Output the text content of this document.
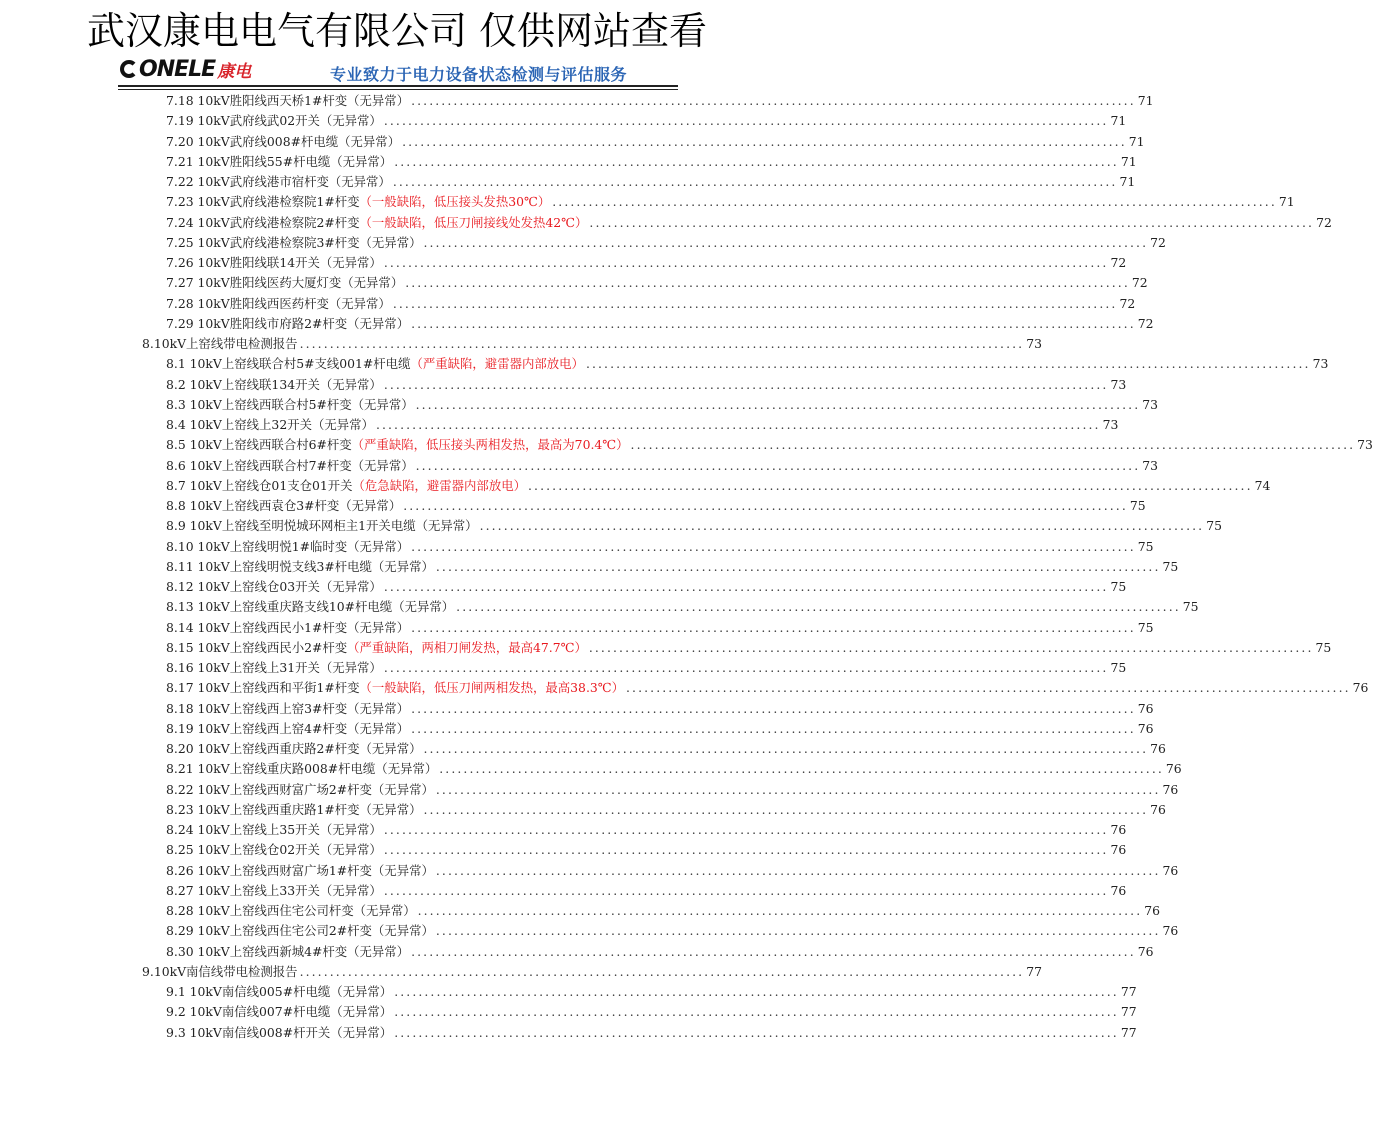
武汉康电电气有限公司 仅供网站查看
ONELE 康电	专业致力于电力设备状态检测与评估服务
7.18 10kV胜阳线西天桥1#杆变（无异常） ........................................................................................................................ 71
7.19 10kV武府线武02开关（无异常） ........................................................................................................................ 71
7.20 10kV武府线008#杆电缆（无异常） ........................................................................................................................ 71
7.21 10kV胜阳线55#杆电缆（无异常） ........................................................................................................................ 71
7.22 10kV武府线港市宿杆变（无异常） ........................................................................................................................ 71
7.23 10kV武府线港检察院1#杆变 （一般缺陷，低压接头发热30℃） ........................................................................................................................ 71
7.24 10kV武府线港检察院2#杆变 （一般缺陷，低压刀闸接线处发热42℃） ........................................................................................................................ 72
7.25 10kV武府线港检察院3#杆变（无异常） ........................................................................................................................ 72
7.26 10kV胜阳线联14开关（无异常） ........................................................................................................................ 72
7.27 10kV胜阳线医药大厦灯变（无异常） ........................................................................................................................ 72
7.28 10kV胜阳线西医药杆变（无异常） ........................................................................................................................ 72
7.29 10kV胜阳线市府路2#杆变（无异常） ........................................................................................................................ 72
8.10kV上窑线带电检测报告 ........................................................................................................................ 73
8.1 10kV上窑线联合村5#支线001#杆电缆 （严重缺陷，避雷器内部放电） ........................................................................................................................ 73
8.2 10kV上窑线联134开关（无异常） ........................................................................................................................ 73
8.3 10kV上窑线西联合村5#杆变（无异常） ........................................................................................................................ 73
8.4 10kV上窑线上32开关（无异常） ........................................................................................................................ 73
8.5 10kV上窑线西联合村6#杆变 （严重缺陷，低压接头两相发热，最高为70.4℃） ........................................................................................................................ 73
8.6 10kV上窑线西联合村7#杆变（无异常） ........................................................................................................................ 73
8.7 10kV上窑线仓01支仓01开关 （危急缺陷，避雷器内部放电） ........................................................................................................................ 74
8.8 10kV上窑线西袁仓3#杆变（无异常） ........................................................................................................................ 75
8.9 10kV上窑线至明悦城环网柜主1开关电缆（无异常） ........................................................................................................................ 75
8.10 10kV上窑线明悦1#临时变（无异常） ........................................................................................................................ 75
8.11 10kV上窑线明悦支线3#杆电缆（无异常） ........................................................................................................................ 75
8.12 10kV上窑线仓03开关（无异常） ........................................................................................................................ 75
8.13 10kV上窑线重庆路支线10#杆电缆（无异常） ........................................................................................................................ 75
8.14 10kV上窑线西民小1#杆变（无异常） ........................................................................................................................ 75
8.15 10kV上窑线西民小2#杆变 （严重缺陷，两相刀闸发热，最高47.7℃） ........................................................................................................................ 75
8.16 10kV上窑线上31开关（无异常） ........................................................................................................................ 75
8.17 10kV上窑线西和平街1#杆变 （一般缺陷，低压刀闸两相发热，最高38.3℃） ........................................................................................................................ 76
8.18 10kV上窑线西上窑3#杆变（无异常） ........................................................................................................................ 76
8.19 10kV上窑线西上窑4#杆变（无异常） ........................................................................................................................ 76
8.20 10kV上窑线西重庆路2#杆变（无异常） ........................................................................................................................ 76
8.21 10kV上窑线重庆路008#杆电缆（无异常） ........................................................................................................................ 76
8.22 10kV上窑线西财富广场2#杆变（无异常） ........................................................................................................................ 76
8.23 10kV上窑线西重庆路1#杆变（无异常） ........................................................................................................................ 76
8.24 10kV上窑线上35开关（无异常） ........................................................................................................................ 76
8.25 10kV上窑线仓02开关（无异常） ........................................................................................................................ 76
8.26 10kV上窑线西财富广场1#杆变（无异常） ........................................................................................................................ 76
8.27 10kV上窑线上33开关（无异常） ........................................................................................................................ 76
8.28 10kV上窑线西住宅公司杆变（无异常） ........................................................................................................................ 76
8.29 10kV上窑线西住宅公司2#杆变（无异常） ........................................................................................................................ 76
8.30 10kV上窑线西新城4#杆变（无异常） ........................................................................................................................ 76
9.10kV南信线带电检测报告 ........................................................................................................................ 77
9.1 10kV南信线005#杆电缆（无异常） ........................................................................................................................ 77
9.2 10kV南信线007#杆电缆（无异常） ........................................................................................................................ 77
9.3 10kV南信线008#杆开关（无异常） ........................................................................................................................ 77
